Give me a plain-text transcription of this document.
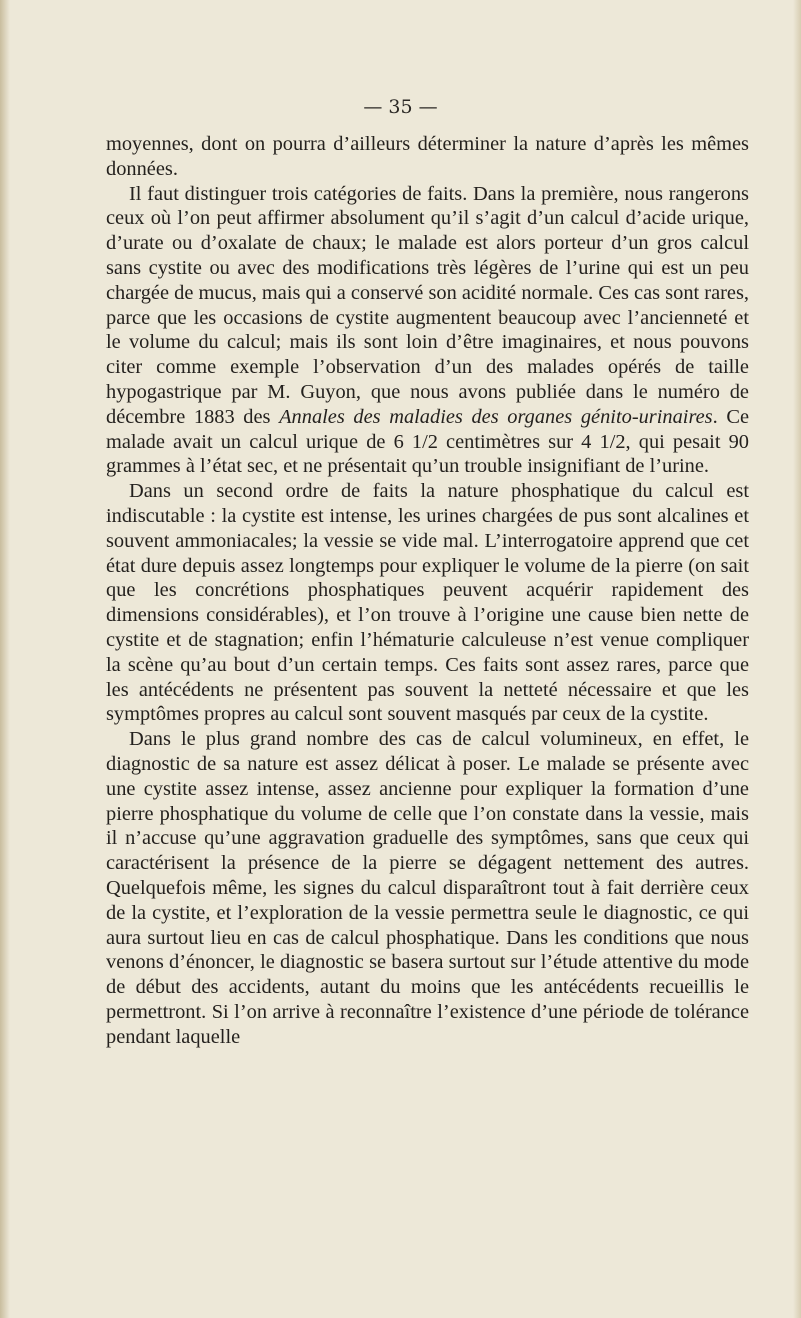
— 35 —

moyennes, dont on pourra d’ailleurs déterminer la nature d’après les mêmes données.

Il faut distinguer trois catégories de faits. Dans la première, nous rangerons ceux où l’on peut affirmer absolument qu’il s’agit d’un calcul d’acide urique, d’urate ou d’oxalate de chaux; le malade est alors porteur d’un gros calcul sans cystite ou avec des modifications très légères de l’urine qui est un peu chargée de mucus, mais qui a conservé son acidité normale. Ces cas sont rares, parce que les occasions de cystite augmentent beaucoup avec l’ancienneté et le volume du calcul; mais ils sont loin d’être imaginaires, et nous pouvons citer comme exemple l’observation d’un des malades opérés de taille hypogastrique par M. Guyon, que nous avons publiée dans le numéro de décembre 1883 des Annales des maladies des organes génito-urinaires. Ce malade avait un calcul urique de 6 1/2 centimètres sur 4 1/2, qui pesait 90 grammes à l’état sec, et ne présentait qu’un trouble insignifiant de l’urine.

Dans un second ordre de faits la nature phosphatique du calcul est indiscutable : la cystite est intense, les urines chargées de pus sont alcalines et souvent ammoniacales; la vessie se vide mal. L’interrogatoire apprend que cet état dure depuis assez longtemps pour expliquer le volume de la pierre (on sait que les concrétions phosphatiques peuvent acquérir rapidement des dimensions considérables), et l’on trouve à l’origine une cause bien nette de cystite et de stagnation; enfin l’hématurie calculeuse n’est venue compliquer la scène qu’au bout d’un certain temps. Ces faits sont assez rares, parce que les antécédents ne présentent pas souvent la netteté nécessaire et que les symptômes propres au calcul sont souvent masqués par ceux de la cystite.

Dans le plus grand nombre des cas de calcul volumineux, en effet, le diagnostic de sa nature est assez délicat à poser. Le malade se présente avec une cystite assez intense, assez ancienne pour expliquer la formation d’une pierre phosphatique du volume de celle que l’on constate dans la vessie, mais il n’accuse qu’une aggravation graduelle des symptômes, sans que ceux qui caractérisent la présence de la pierre se dégagent nettement des autres. Quelquefois même, les signes du calcul disparaîtront tout à fait derrière ceux de la cystite, et l’exploration de la vessie permettra seule le diagnostic, ce qui aura surtout lieu en cas de calcul phosphatique. Dans les conditions que nous venons d’énoncer, le diagnostic se basera surtout sur l’étude attentive du mode de début des accidents, autant du moins que les antécédents recueillis le permettront. Si l’on arrive à reconnaître l’existence d’une période de tolérance pendant laquelle
